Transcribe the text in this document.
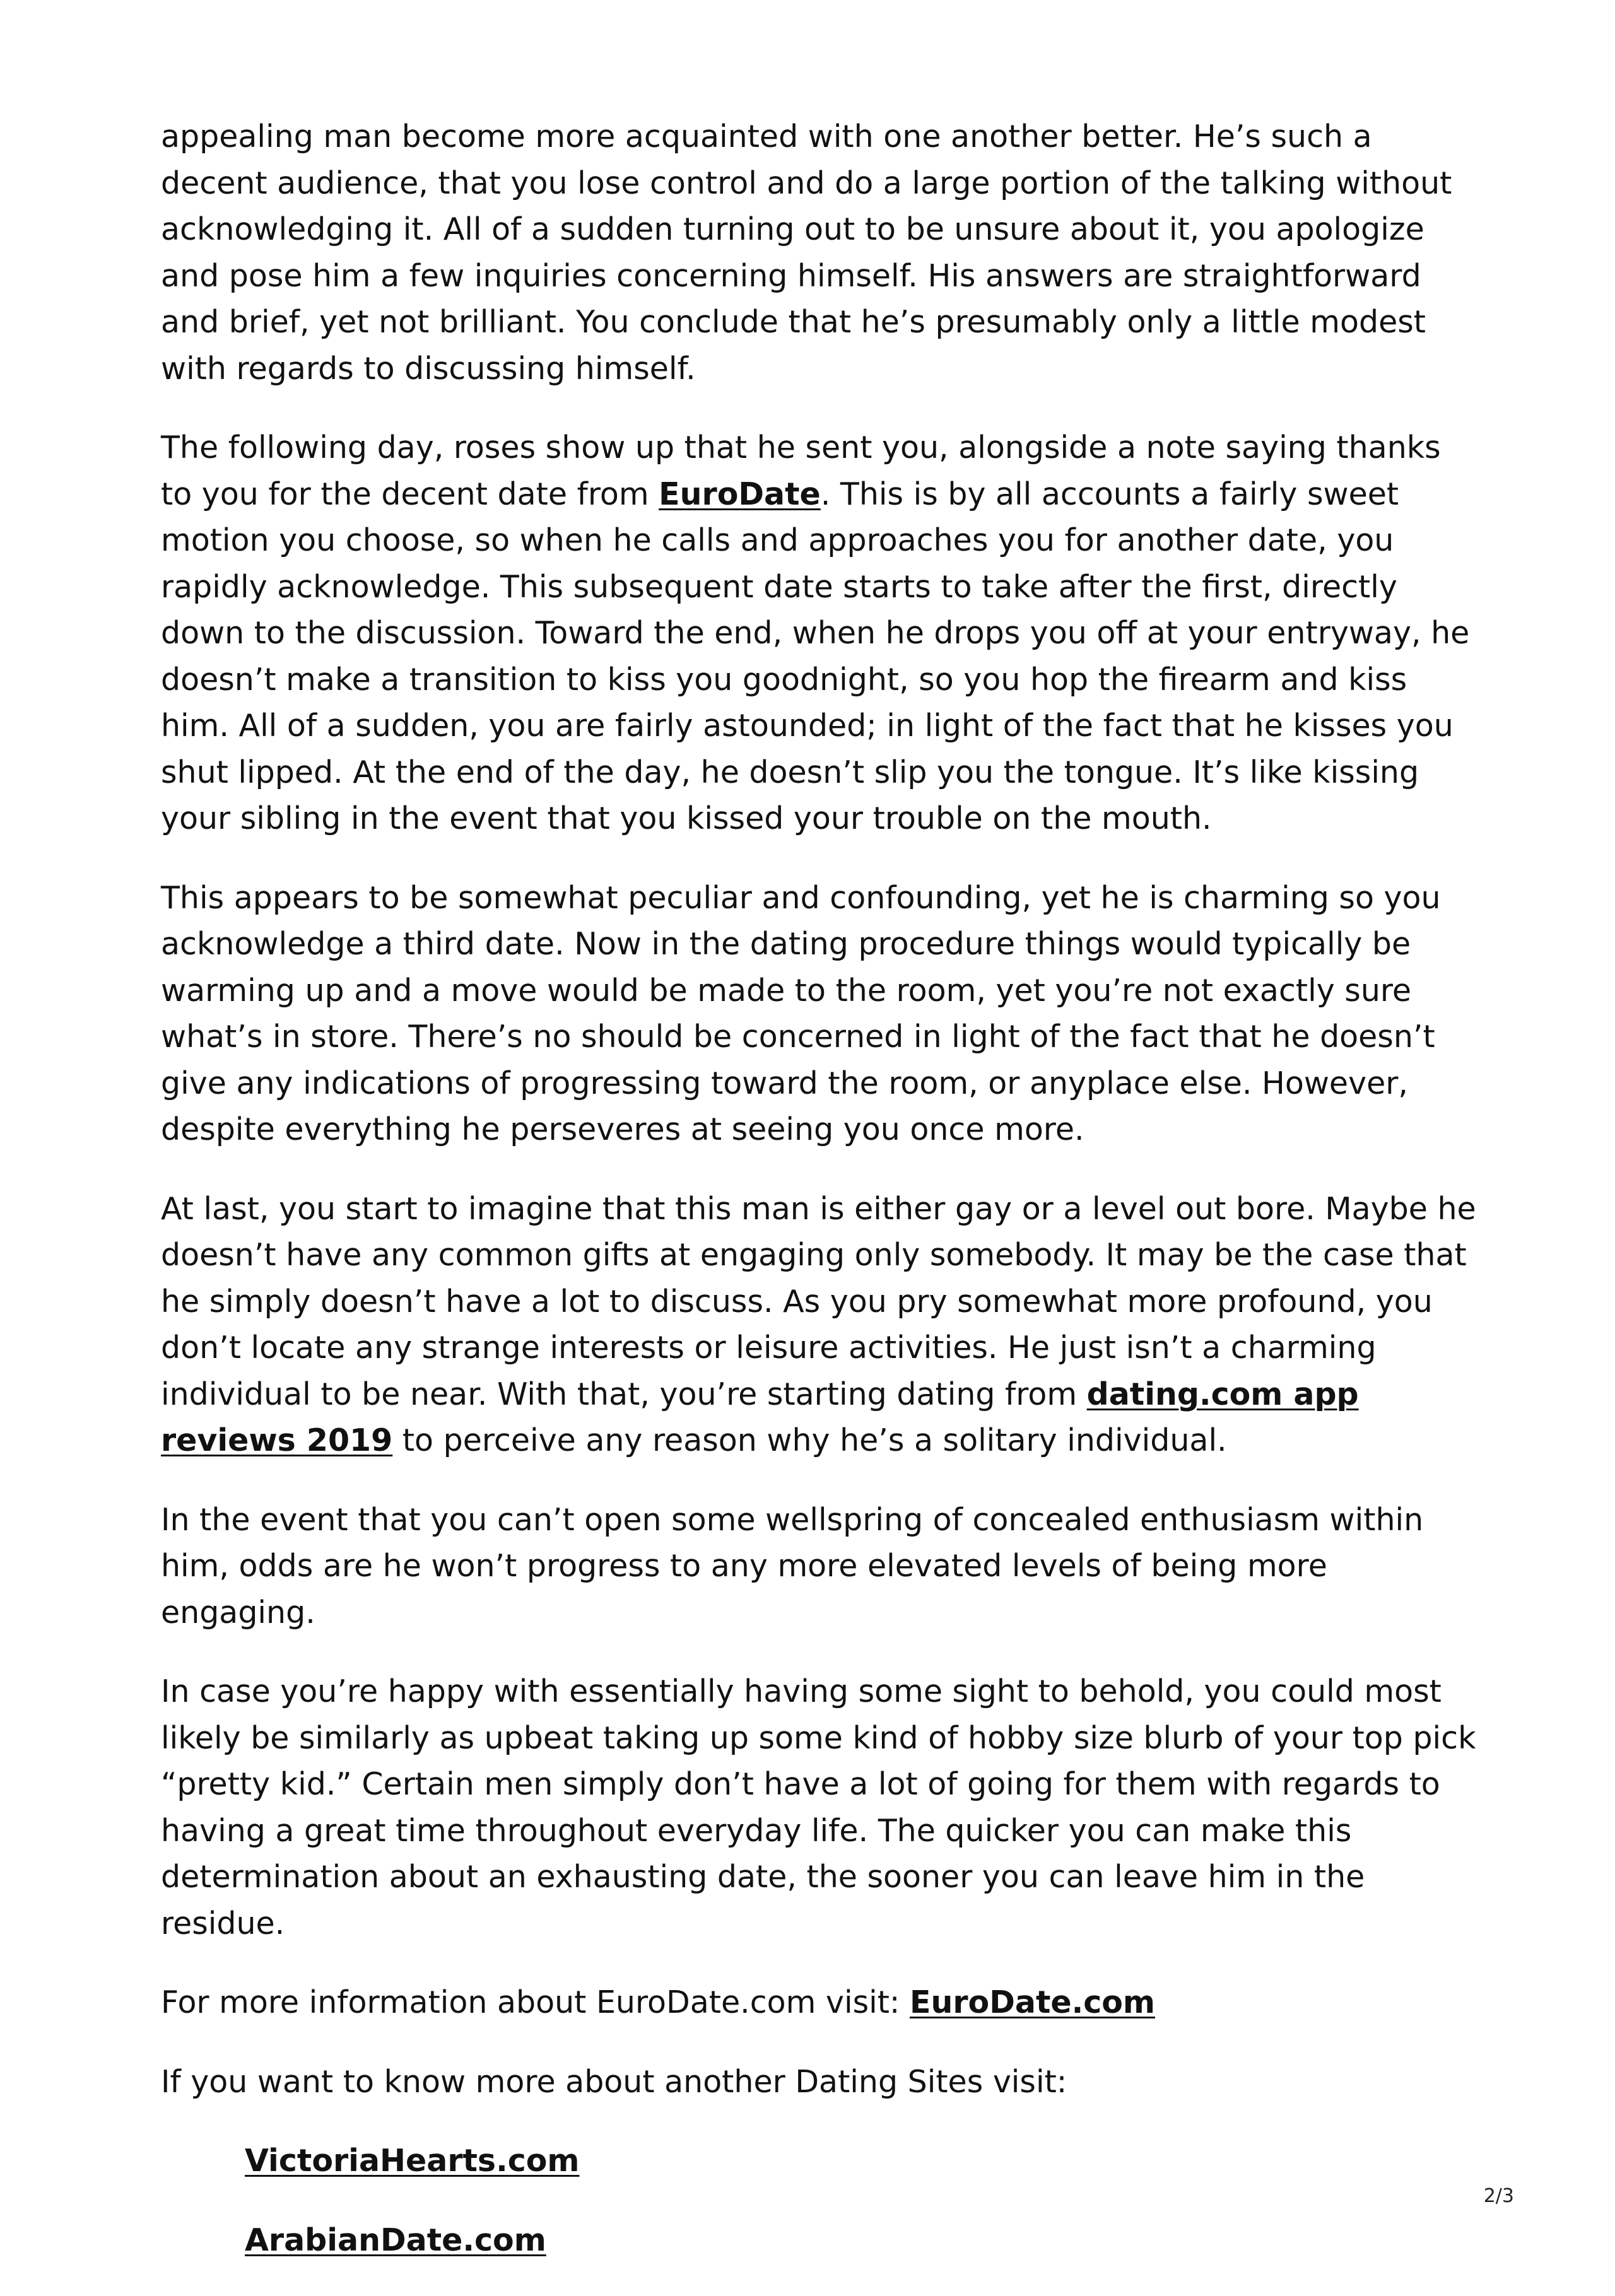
appealing man become more acquainted with one another better. He’s such a decent audience, that you lose control and do a large portion of the talking without acknowledging it. All of a sudden turning out to be unsure about it, you apologize and pose him a few inquiries concerning himself. His answers are straightforward and brief, yet not brilliant. You conclude that he’s presumably only a little modest with regards to discussing himself.

The following day, roses show up that he sent you, alongside a note saying thanks to you for the decent date from EuroDate. This is by all accounts a fairly sweet motion you choose, so when he calls and approaches you for another date, you rapidly acknowledge. This subsequent date starts to take after the first, directly down to the discussion. Toward the end, when he drops you off at your entryway, he doesn’t make a transition to kiss you goodnight, so you hop the firearm and kiss him. All of a sudden, you are fairly astounded; in light of the fact that he kisses you shut lipped. At the end of the day, he doesn’t slip you the tongue. It’s like kissing your sibling in the event that you kissed your trouble on the mouth.

This appears to be somewhat peculiar and confounding, yet he is charming so you acknowledge a third date. Now in the dating procedure things would typically be warming up and a move would be made to the room, yet you’re not exactly sure what’s in store. There’s no should be concerned in light of the fact that he doesn’t give any indications of progressing toward the room, or anyplace else. However, despite everything he perseveres at seeing you once more.

At last, you start to imagine that this man is either gay or a level out bore. Maybe he doesn’t have any common gifts at engaging only somebody. It may be the case that he simply doesn’t have a lot to discuss. As you pry somewhat more profound, you don’t locate any strange interests or leisure activities. He just isn’t a charming individual to be near. With that, you’re starting dating from dating.com app reviews 2019 to perceive any reason why he’s a solitary individual.

In the event that you can’t open some wellspring of concealed enthusiasm within him, odds are he won’t progress to any more elevated levels of being more engaging.

In case you’re happy with essentially having some sight to behold, you could most likely be similarly as upbeat taking up some kind of hobby size blurb of your top pick “pretty kid.” Certain men simply don’t have a lot of going for them with regards to having a great time throughout everyday life. The quicker you can make this determination about an exhausting date, the sooner you can leave him in the residue.

For more information about EuroDate.com visit: EuroDate.com

If you want to know more about another Dating Sites visit:

VictoriaHearts.com

ArabianDate.com

2/3
